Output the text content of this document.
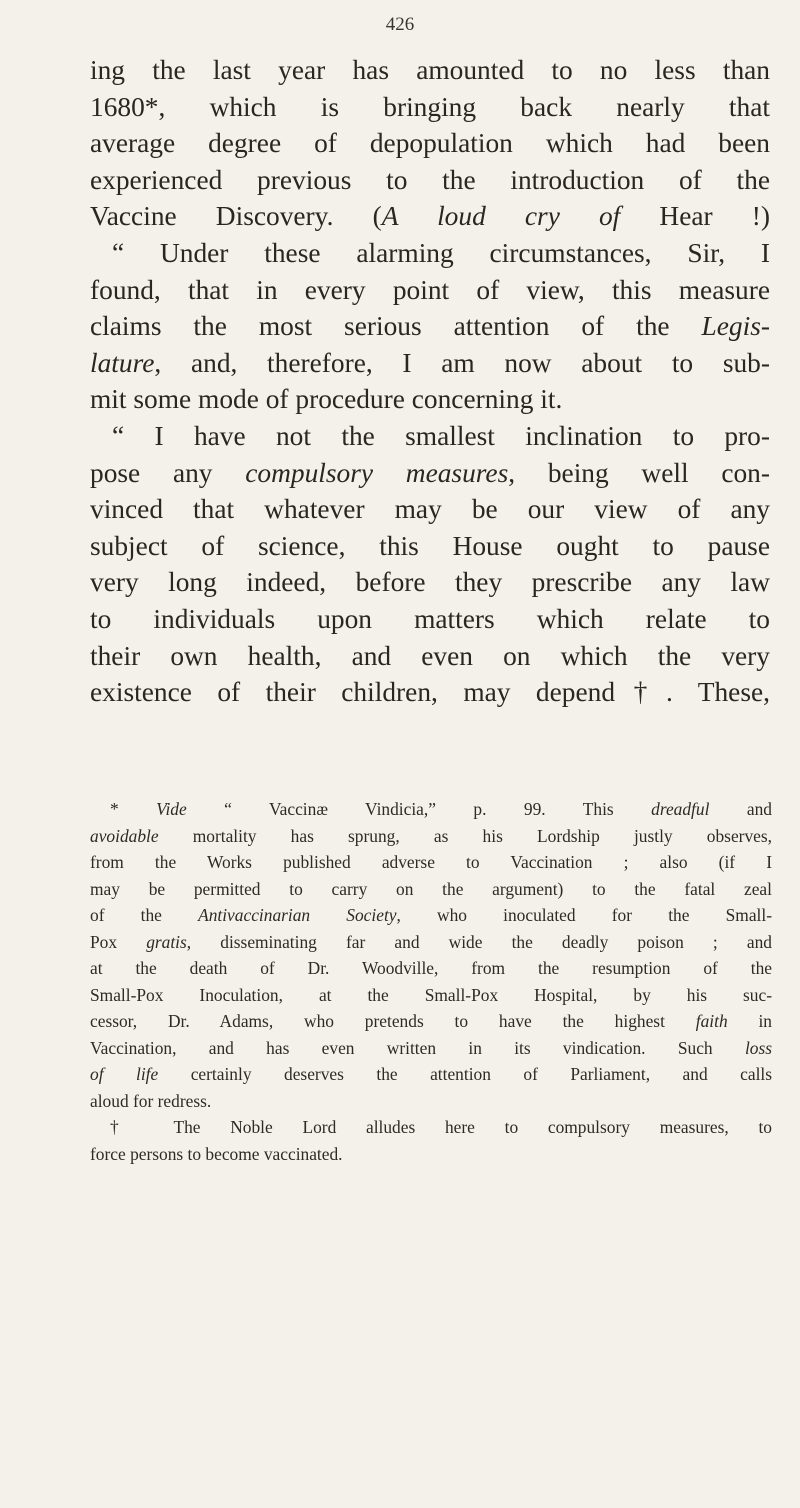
426
ing the last year has amounted to no less than
1680*, which is bringing back nearly that
average degree of depopulation which had been
experienced previous to the introduction of the
Vaccine Discovery. (A loud cry of Hear !)
“ Under these alarming circumstances, Sir, I
found, that in every point of view, this measure
claims the most serious attention of the Legis-
lature, and, therefore, I am now about to sub-
mit some mode of procedure concerning it.
“ I have not the smallest inclination to pro-
pose any compulsory measures, being well con-
vinced that whatever may be our view of any
subject of science, this House ought to pause
very long indeed, before they prescribe any law
to individuals upon matters which relate to
their own health, and even on which the very
existence of their children, may depend†. These,
* Vide “ Vaccinæ Vindicia,” p. 99. This dreadful and
avoidable mortality has sprung, as his Lordship justly observes,
from the Works published adverse to Vaccination ; also (if I
may be permitted to carry on the argument) to the fatal zeal
of the Antivaccinarian Society, who inoculated for the Small-
Pox gratis, disseminating far and wide the deadly poison ; and
at the death of Dr. Woodville, from the resumption of the
Small-Pox Inoculation, at the Small-Pox Hospital, by his suc-
cessor, Dr. Adams, who pretends to have the highest faith in
Vaccination, and has even written in its vindication. Such loss
of life certainly deserves the attention of Parliament, and calls
aloud for redress.
† The Noble Lord alludes here to compulsory measures, to
force persons to become vaccinated.
